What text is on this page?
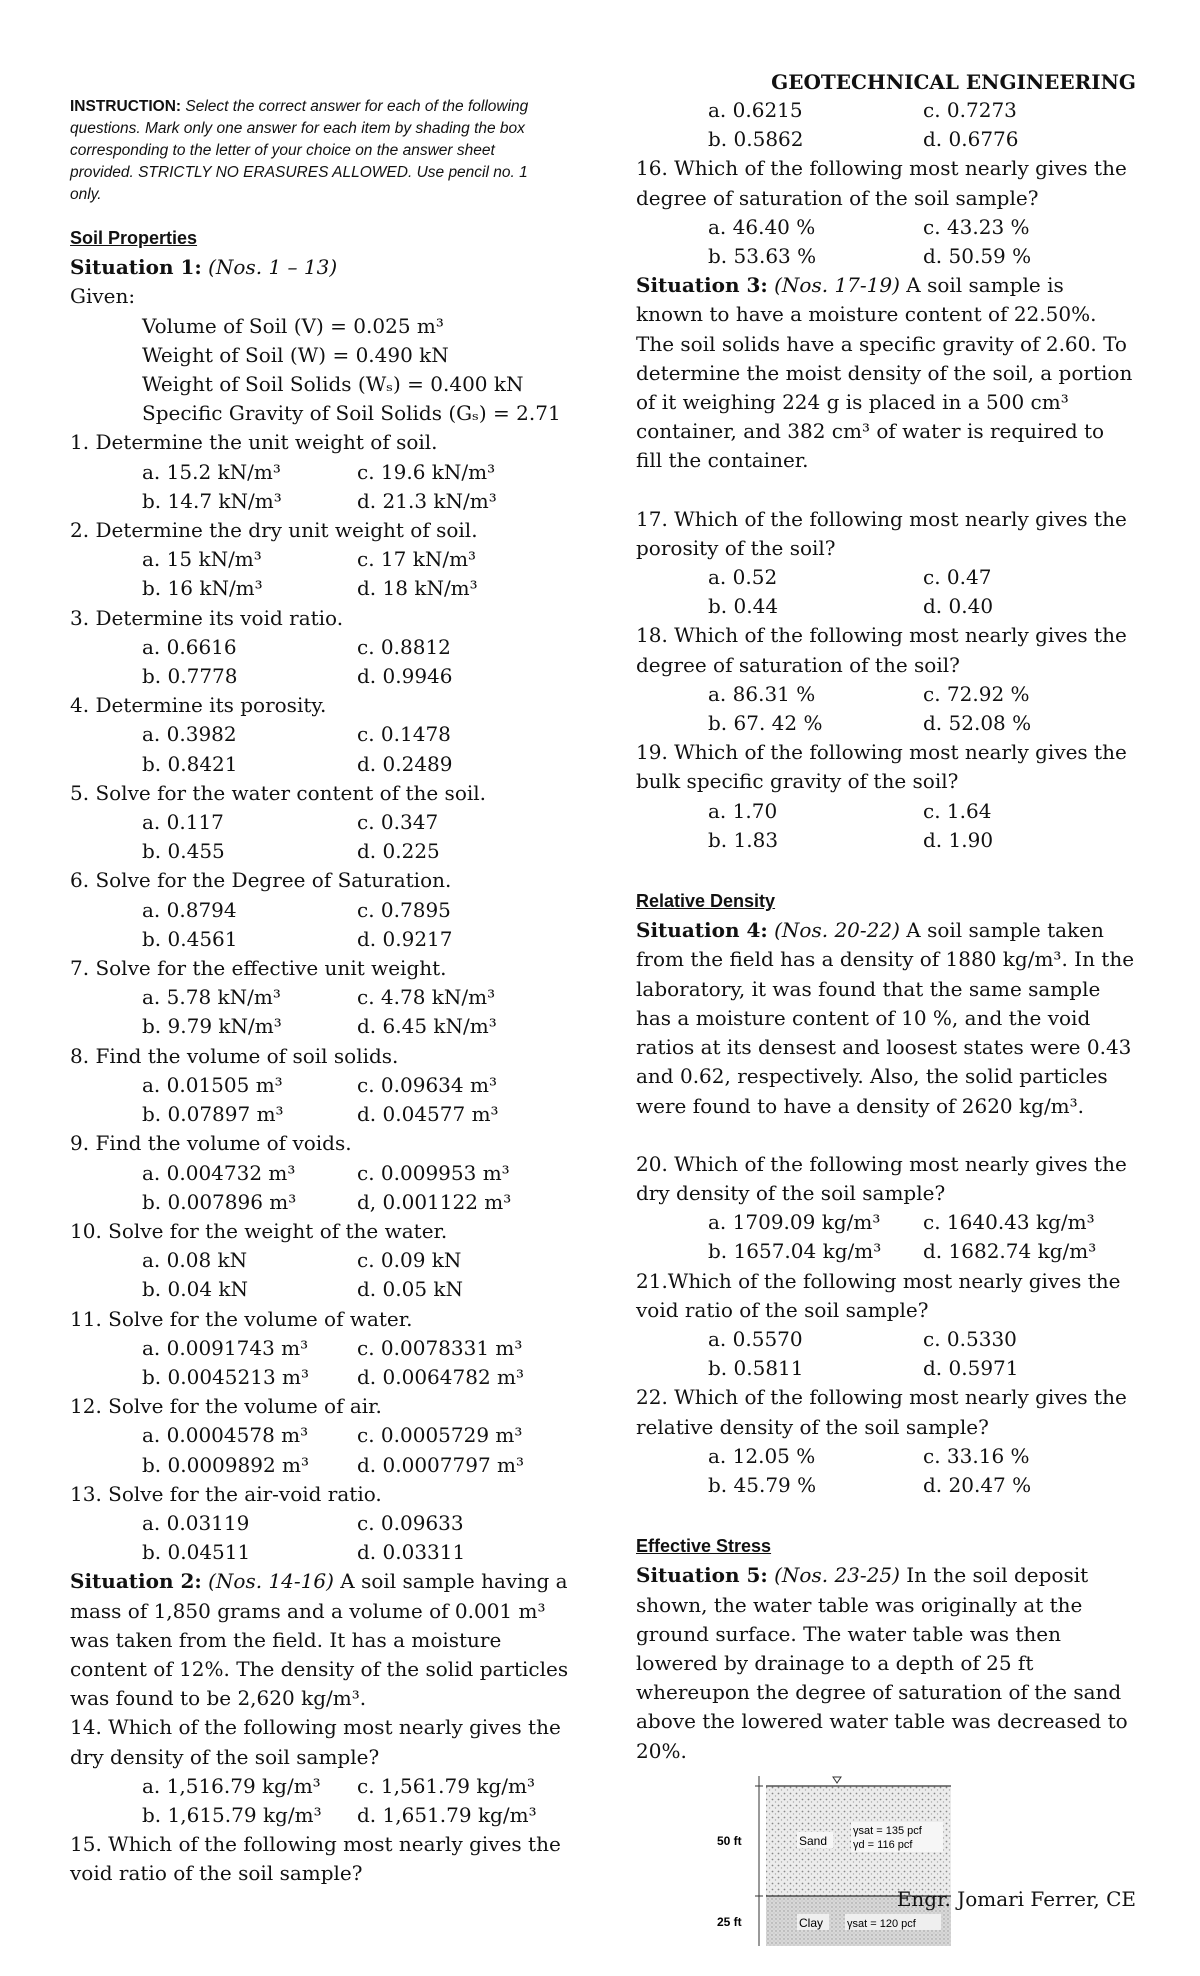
GEOTECHNICAL ENGINEERING

INSTRUCTION: Select the correct answer for each of the following questions. Mark only one answer for each item by shading the box corresponding to the letter of your choice on the answer sheet provided. STRICTLY NO ERASURES ALLOWED. Use pencil no. 1 only.

Soil Properties
Situation 1: (Nos. 1 – 13)
Given:
Volume of Soil (V) = 0.025 m³
Weight of Soil (W) = 0.490 kN
Weight of Soil Solids (Wₛ) = 0.400 kN
Specific Gravity of Soil Solids (Gₛ) = 2.71
1. Determine the unit weight of soil.
a. 15.2 kN/m³	c. 19.6 kN/m³
b. 14.7 kN/m³	d. 21.3 kN/m³
2. Determine the dry unit weight of soil.
a. 15 kN/m³	c. 17 kN/m³
b. 16 kN/m³	d. 18 kN/m³
3. Determine its void ratio.
a. 0.6616	c. 0.8812
b. 0.7778	d. 0.9946
4. Determine its porosity.
a. 0.3982	c. 0.1478
b. 0.8421	d. 0.2489
5. Solve for the water content of the soil.
a. 0.117	c. 0.347
b. 0.455	d. 0.225
6. Solve for the Degree of Saturation.
a. 0.8794	c. 0.7895
b. 0.4561	d. 0.9217
7. Solve for the effective unit weight.
a. 5.78 kN/m³	c. 4.78 kN/m³
b. 9.79 kN/m³	d. 6.45 kN/m³
8. Find the volume of soil solids.
a. 0.01505 m³	c. 0.09634 m³
b. 0.07897 m³	d. 0.04577 m³
9. Find the volume of voids.
a. 0.004732 m³	c. 0.009953 m³
b. 0.007896 m³	d, 0.001122 m³
10. Solve for the weight of the water.
a. 0.08 kN	c. 0.09 kN
b. 0.04 kN	d. 0.05 kN
11. Solve for the volume of water.
a. 0.0091743 m³	c. 0.0078331 m³
b. 0.0045213 m³	d. 0.0064782 m³
12. Solve for the volume of air.
a. 0.0004578 m³	c. 0.0005729 m³
b. 0.0009892 m³	d. 0.0007797 m³
13. Solve for the air-void ratio.
a. 0.03119	c. 0.09633
b. 0.04511	d. 0.03311
Situation 2: (Nos. 14-16) A soil sample having a mass of 1,850 grams and a volume of 0.001 m³ was taken from the field. It has a moisture content of 12%. The density of the solid particles was found to be 2,620 kg/m³.
14. Which of the following most nearly gives the dry density of the soil sample?
a. 1,516.79 kg/m³	c. 1,561.79 kg/m³
b. 1,615.79 kg/m³	d. 1,651.79 kg/m³
15. Which of the following most nearly gives the void ratio of the soil sample?
a. 0.6215	c. 0.7273
b. 0.5862	d. 0.6776
16. Which of the following most nearly gives the degree of saturation of the soil sample?
a. 46.40 %	c. 43.23 %
b. 53.63 %	d. 50.59 %
Situation 3: (Nos. 17-19) A soil sample is known to have a moisture content of 22.50%. The soil solids have a specific gravity of 2.60. To determine the moist density of the soil, a portion of it weighing 224 g is placed in a 500 cm³ container, and 382 cm³ of water is required to fill the container.
17. Which of the following most nearly gives the porosity of the soil?
a. 0.52	c. 0.47
b. 0.44	d. 0.40
18. Which of the following most nearly gives the degree of saturation of the soil?
a. 86.31 %	c. 72.92 %
b. 67. 42 %	d. 52.08 %
19. Which of the following most nearly gives the bulk specific gravity of the soil?
a. 1.70	c. 1.64
b. 1.83	d. 1.90
Relative Density
Situation 4: (Nos. 20-22) A soil sample taken from the field has a density of 1880 kg/m³. In the laboratory, it was found that the same sample has a moisture content of 10 %, and the void ratios at its densest and loosest states were 0.43 and 0.62, respectively. Also, the solid particles were found to have a density of 2620 kg/m³.
20. Which of the following most nearly gives the dry density of the soil sample?
a. 1709.09 kg/m³	c. 1640.43 kg/m³
b. 1657.04 kg/m³	d. 1682.74 kg/m³
21.Which of the following most nearly gives the void ratio of the soil sample?
a. 0.5570	c. 0.5330
b. 0.5811	d. 0.5971
22. Which of the following most nearly gives the relative density of the soil sample?
a. 12.05 %	c. 33.16 %
b. 45.79 %	d. 20.47 %
Effective Stress
Situation 5: (Nos. 23-25) In the soil deposit shown, the water table was originally at the ground surface. The water table was then lowered by drainage to a depth of 25 ft whereupon the degree of saturation of the sand above the lowered water table was decreased to 20%.
50 ft
25 ft
Sand
γsat = 135 pcf
γd = 116 pcf
Clay γsat = 120 pcf
Engr. Jomari Ferrer, CE
